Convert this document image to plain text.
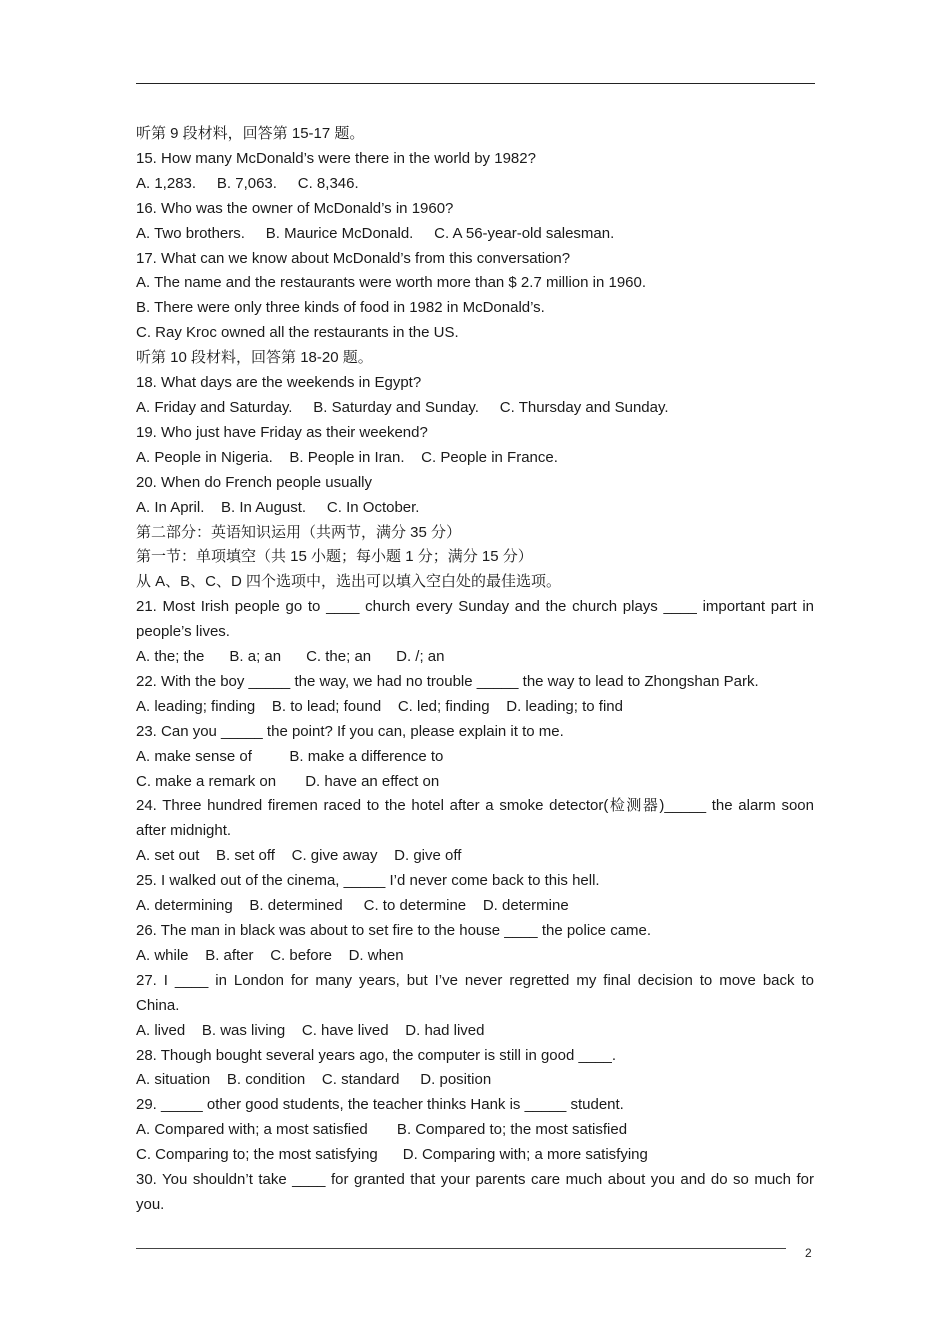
听第 9 段材料，回答第 15-17 题。
15. How many McDonald’s were there in the world by 1982?
A. 1,283.     B. 7,063.     C. 8,346.
16. Who was the owner of McDonald’s in 1960?
A. Two brothers.     B. Maurice McDonald.     C. A 56-year-old salesman.
17. What can we know about McDonald’s from this conversation?
A. The name and the restaurants were worth more than $ 2.7 million in 1960.
B. There were only three kinds of food in 1982 in McDonald’s.
C. Ray Kroc owned all the restaurants in the US.
听第 10 段材料，回答第 18-20 题。
18. What days are the weekends in Egypt?
A. Friday and Saturday.     B. Saturday and Sunday.     C. Thursday and Sunday.
19. Who just have Friday as their weekend?
A. People in Nigeria.    B. People in Iran.    C. People in France.
20. When do French people usually
A. In April.    B. In August.     C. In October.
第二部分：英语知识运用（共两节，满分 35 分）
第一节：单项填空（共 15 小题；每小题 1 分；满分 15 分）
从 A、B、C、D 四个选项中，选出可以填入空白处的最佳选项。
21. Most Irish people go to ____ church every Sunday and the church plays ____ important part in
people’s lives.
A. the; the      B. a; an      C. the; an      D. /; an
22. With the boy _____ the way, we had no trouble _____ the way to lead to Zhongshan Park.
A. leading; finding    B. to lead; found    C. led; finding    D. leading; to find
23. Can you _____ the point? If you can, please explain it to me.
A. make sense of         B. make a difference to
C. make a remark on       D. have an effect on
24. Three hundred firemen raced to the hotel after a smoke detector(检测器)_____ the alarm soon
after midnight.
A. set out    B. set off    C. give away    D. give off
25. I walked out of the cinema, _____ I’d never come back to this hell.
A. determining    B. determined     C. to determine    D. determine
26. The man in black was about to set fire to the house ____ the police came.
A. while    B. after    C. before    D. when
27. I ____ in London for many years, but I’ve never regretted my final decision to move back to
China.
A. lived    B. was living    C. have lived    D. had lived
28. Though bought several years ago, the computer is still in good ____.
A. situation    B. condition    C. standard     D. position
29. _____ other good students, the teacher thinks Hank is _____ student.
A. Compared with; a most satisfied       B. Compared to; the most satisfied
C. Comparing to; the most satisfying      D. Comparing with; a more satisfying
30. You shouldn’t take ____ for granted that your parents care much about you and do so much for
you.
2
